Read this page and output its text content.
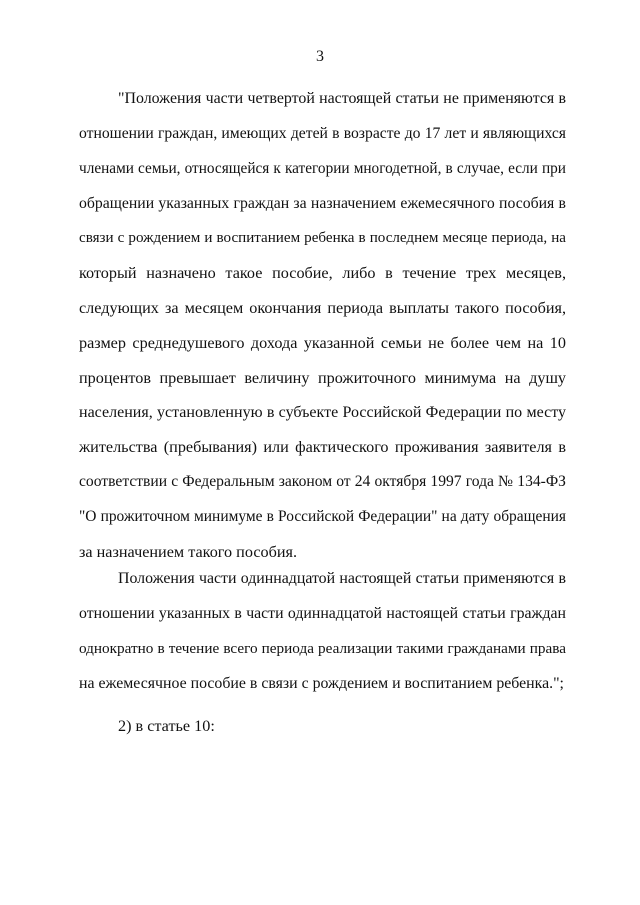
3
"Положения части четвертой настоящей статьи не применяются в
отношении граждан, имеющих детей в возрасте до 17 лет и являющихся
членами семьи, относящейся к категории многодетной, в случае, если при
обращении указанных граждан за назначением ежемесячного пособия в
связи с рождением и воспитанием ребенка в последнем месяце периода, на
который назначено такое пособие, либо в течение трех месяцев,
следующих за месяцем окончания периода выплаты такого пособия,
размер среднедушевого дохода указанной семьи не более чем на 10
процентов превышает величину прожиточного минимума на душу
населения, установленную в субъекте Российской Федерации по месту
жительства (пребывания) или фактического проживания заявителя в
соответствии с Федеральным законом от 24 октября 1997 года № 134-ФЗ
"О прожиточном минимуме в Российской Федерации" на дату обращения
за назначением такого пособия.
Положения части одиннадцатой настоящей статьи применяются в
отношении указанных в части одиннадцатой настоящей статьи граждан
однократно в течение всего периода реализации такими гражданами права
на ежемесячное пособие в связи с рождением и воспитанием ребенка.";
2) в статье 10:
